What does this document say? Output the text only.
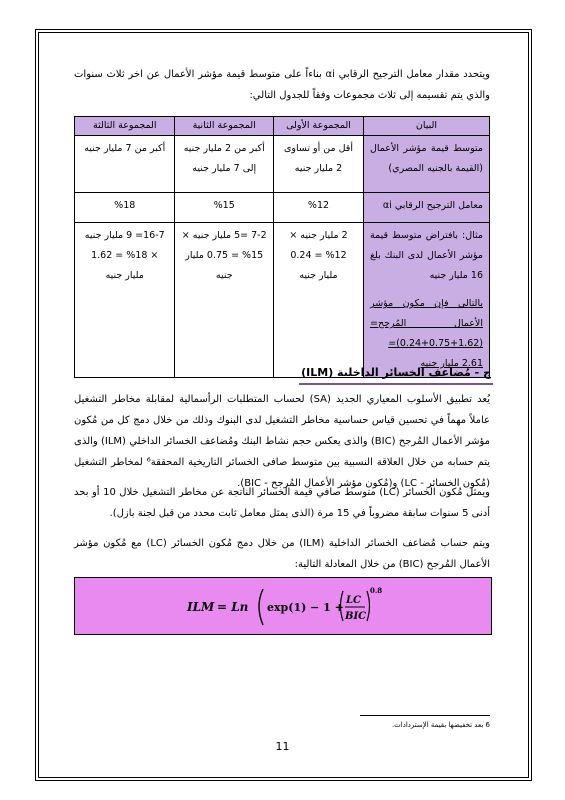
ويتحدد مقدار معامل الترجيح الرقابي αi بناءاً على متوسط قيمة مؤشر الأعمال عن اخر ثلاث سنوات والذي يتم تقسيمه إلى ثلاث مجموعات وفقاً للجدول التالي:
البيان	المجموعة الأولى	المجموعة الثانية	المجموعة الثالثة
متوسط قيمة مؤشر الأعمال (القيمة بالجنيه المصري)	أقل من أو تساوى 2 مليار جنيه	أكبر من 2 مليار جنيه إلى 7 مليار جنيه	أكبر من 7 مليار جنيه
معامل الترجيح الرقابي αi	%12	%15	%18

مثال: بافتراض متوسط قيمة مؤشر الأعمال لدى البنك بلغ 16 مليار جنيه
بالتالي فإن مكون مؤشر الأعمال المُرجح=(1.62+0.75+0.24)= 2.61 مليار جنيه	2 مليار جنيه × 12% = 0.24 مليار جنيه	7-2 =5 مليار جنيه × 15% = 0.75 مليار جنيه	16-7= 9 مليار جنيه × 18% = 1.62 مليار جنيه
ج - مُضاعف الخسائر الداخلية (ILM)
يُعد تطبيق الأسلوب المعياري الجديد (SA) لحساب المتطلبات الرأسمالية لمقابلة مخاطر التشغيل عاملاً مهماً في تحسين قياس حساسية مخاطر التشغيل لدى البنوك وذلك من خلال دمج كل من مُكون مؤشر الأعمال المُرجح (BIC) والذى يعكس حجم نشاط البنك ومُضاعف الخسائر الداخلي (ILM) والذى يتم حسابه من خلال العلاقة النسبية بين متوسط صافى الخسائر التاريخية المحققة⁶ لمخاطر التشغيل (مُكون الخسائر - LC) و(مُكون مؤشر الأعمال المُرجح - BIC).
ويمثل مُكون الخسائر (LC) متوسط صافي قيمة الخسائر الناتجة عن مخاطر التشغيل خلال 10 أو بحد أدنى 5 سنوات سابقة مضروباً في 15 مرة (الذى يمثل معامل ثابت محدد من قبل لجنة بازل).
ويتم حساب مُضاعف الخسائر الداخلية (ILM) من خلال دمج مُكون الخسائر (LC) مع مُكون مؤشر الأعمال المُرجح (BIC) من خلال المعادلة التالية:
ILM = Ln exp(1) − 1 +
LC
BIC
0.8
6 بعد تخفيضها بقيمة الإستردادات.
11
